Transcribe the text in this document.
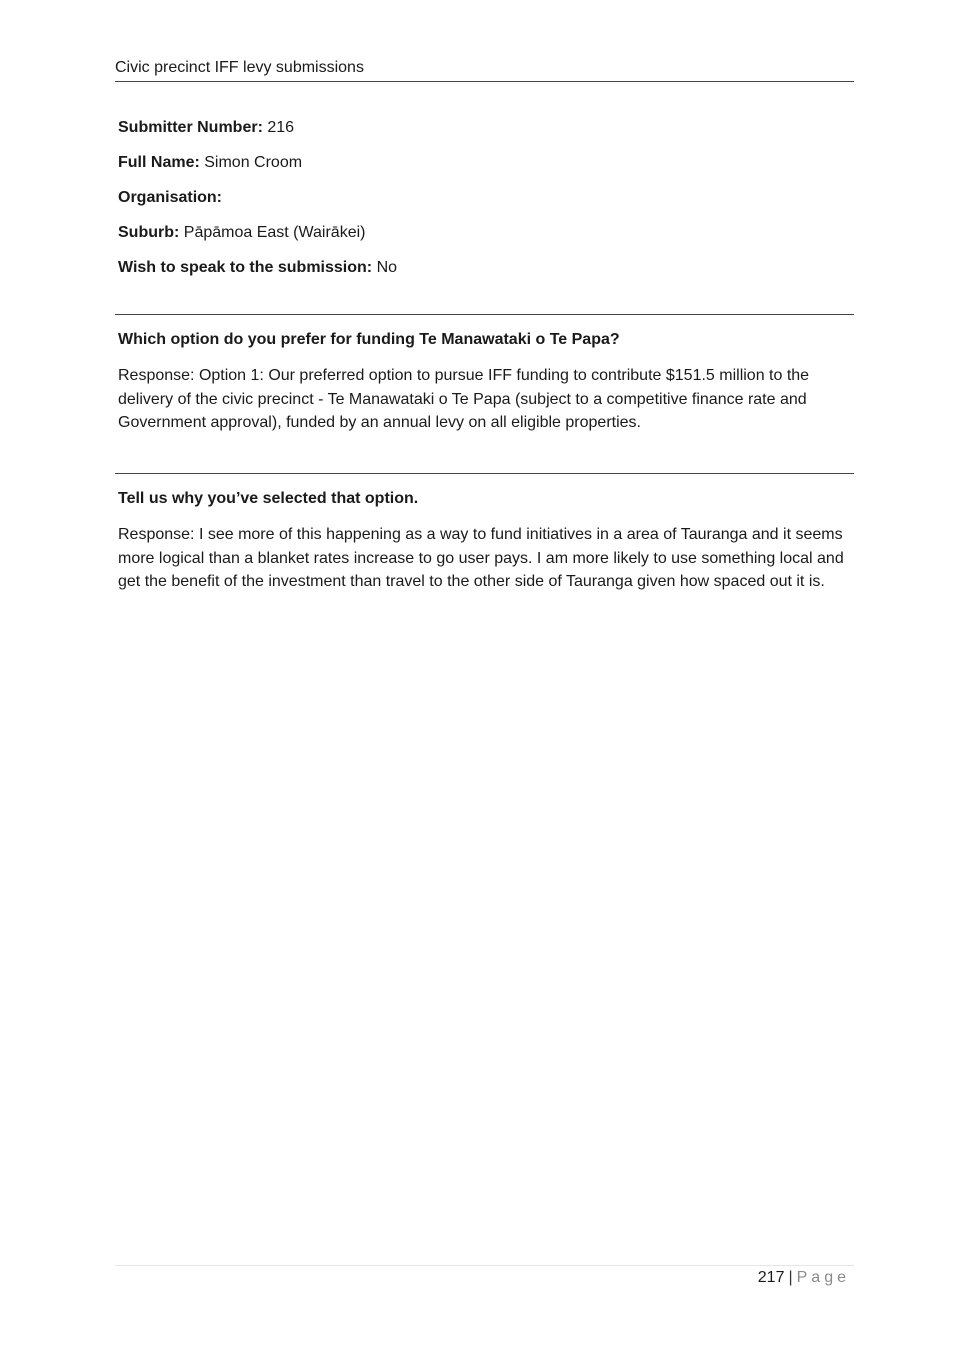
Civic precinct IFF levy submissions
Submitter Number: 216
Full Name: Simon Croom
Organisation:
Suburb: Pāpāmoa East (Wairākei)
Wish to speak to the submission: No
Which option do you prefer for funding Te Manawataki o Te Papa?
Response: Option 1: Our preferred option to pursue IFF funding to contribute $151.5 million to the delivery of the civic precinct - Te Manawataki o Te Papa (subject to a competitive finance rate and Government approval), funded by an annual levy on all eligible properties.
Tell us why you’ve selected that option.
Response: I see more of this happening as a way to fund initiatives in a area of Tauranga and it seems more logical than a blanket rates increase to go user pays. I am more likely to use something local and get the benefit of the investment than travel to the other side of Tauranga given how spaced out it is.
217 | Page
